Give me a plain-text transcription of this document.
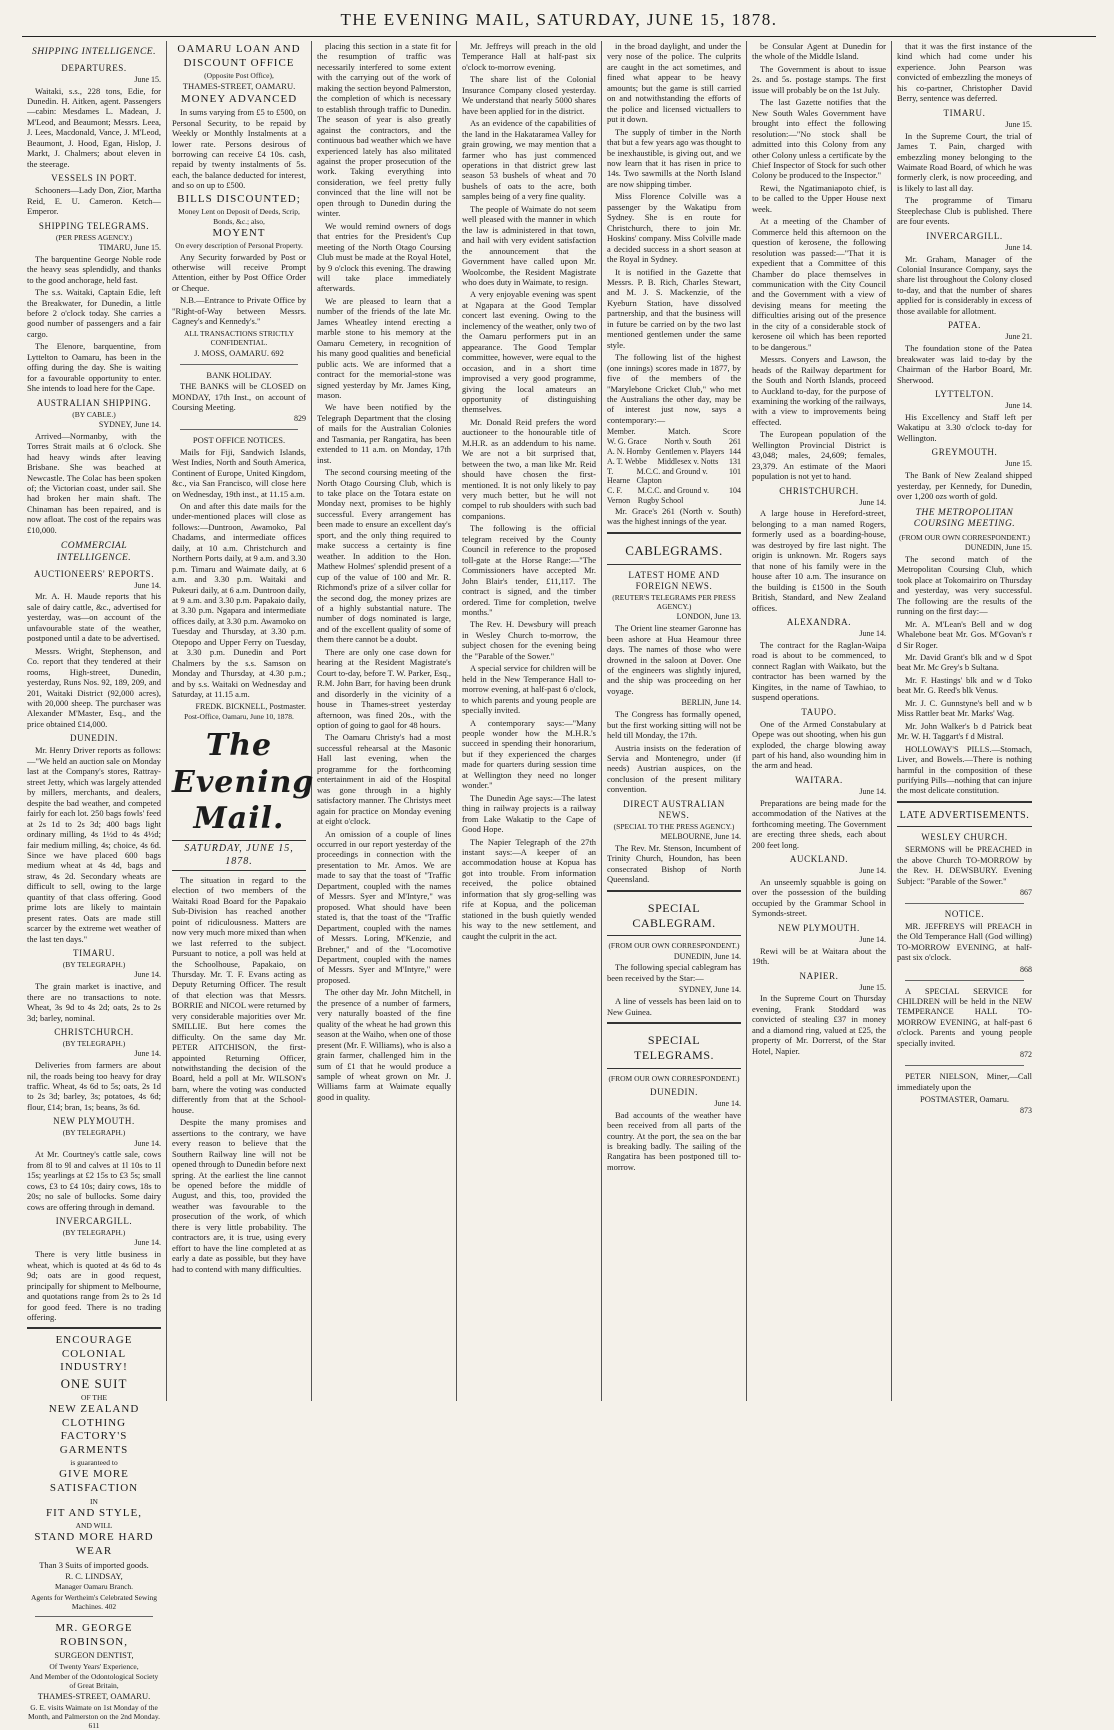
THE EVENING MAIL, SATURDAY, JUNE 15, 1878.
SHIPPING INTELLIGENCE.
DEPARTURES.
June 15.

Waitaki, s.s., 228 tons, Edie, for Dunedin. H. Aitken, agent. Passengers—cabin: Mesdames L. Madean, J. M'Leod, and Beaumont; Messrs. Leea, J. Lees, Macdonald, Vance, J. M'Leod, Beaumont, J. Hood, Egan, Hislop, J. Markt, J. Chalmers; about eleven in the steerage.

VESSELS IN PORT.

Schooners—Lady Don, Zior, Martha Reid, E. U. Cameron. Ketch—Emperor.

SHIPPING TELEGRAMS.
(PER PRESS AGENCY.)
TIMARU, June 15.

The barquentine George Noble rode the heavy seas splendidly, and thanks to the good anchorage, held fast.

The s.s. Waitaki, Captain Edie, left the Breakwater, for Dunedin, a little before 2 o'clock today. She carries a good number of passengers and a fair cargo.

The Elenore, barquentine, from Lyttelton to Oamaru, has been in the offing during the day. She is waiting for a favourable opportunity to enter. She intends to load here for the Cape.

AUSTRALIAN SHIPPING.
(BY CABLE.)
SYDNEY, June 14.

Arrived—Normanby, with the Torres Strait mails at 6 o'clock. She had heavy winds after leaving Brisbane. She was beached at Newcastle. The Colac has been spoken of; the Victorian coast, under sail. She had broken her main shaft. The Chinaman has been repaired, and is now afloat. The cost of the repairs was £10,000.

COMMERCIAL INTELLIGENCE.
AUCTIONEERS' REPORTS.
June 14.

Mr. A. H. Maude reports that his sale of dairy cattle, &c., advertised for yesterday, was—on account of the unfavourable state of the weather, postponed until a date to be advertised.

Messrs. Wright, Stephenson, and Co. report that they tendered at their rooms, High-street, Dunedin, yesterday, Runs Nos. 92, 189, 209, and 201, Waitaki District (92,000 acres), with 20,000 sheep. The purchaser was Alexander M'Master, Esq., and the price obtained £14,000.

DUNEDIN.

Mr. Henry Driver reports as follows:—"We held an auction sale on Monday last at the Company's stores, Rattray-street Jetty, which was largely attended by millers, merchants, and dealers, despite the bad weather, and competed fairly for each lot. 250 bags fowls' feed at 2s 1d to 2s 3d; 400 bags light ordinary milling, 4s 1½d to 4s 4½d; fair medium milling, 4s; choice, 4s 6d. Since we have placed 600 bags medium wheat at 4s 4d, bags and straw, 4s 2d. Secondary wheats are difficult to sell, owing to the large quantity of that class offering. Good prime lots are likely to maintain present rates. Oats are made still scarcer by the extreme wet weather of the last ten days."

TIMARU.
(BY TELEGRAPH.)
June 14.

The grain market is inactive, and there are no transactions to note. Wheat, 3s 9d to 4s 2d; oats, 2s to 2s 3d; barley, nominal.

CHRISTCHURCH.
(BY TELEGRAPH.)
June 14.

Deliveries from farmers are about nil, the roads being too heavy for dray traffic. Wheat, 4s 6d to 5s; oats, 2s 1d to 2s 3d; barley, 3s; potatoes, 4s 6d; flour, £14; bran, 1s; beans, 3s 6d.

NEW PLYMOUTH.
(BY TELEGRAPH.)
June 14.

At Mr. Courtney's cattle sale, cows from 8l to 9l and calves at 1l 10s to 1l 15s; yearlings at £2 15s to £3 5s; small cows, £3 to £4 10s; dairy cows, 18s to 20s; no sale of bullocks. Some dairy cows are offering through in demand.

INVERCARGILL.
(BY TELEGRAPH.)
June 14.

There is very little business in wheat, which is quoted at 4s 6d to 4s 9d; oats are in good request, principally for shipment to Melbourne, and quotations range from 2s to 2s 1d for good feed. There is no trading offering.

ENCOURAGE COLONIAL INDUSTRY!
ONE SUIT
OF THE
NEW ZEALAND CLOTHING FACTORY'S GARMENTS
is guaranteed to
GIVE MORE SATISFACTION
IN
FIT AND STYLE,
AND WILL
STAND MORE HARD WEAR
Than 3 Suits of imported goods.
R. C. LINDSAY,
Manager Oamaru Branch.
Agents for Wertheim's Celebrated Sewing Machines. 402
MR. GEORGE ROBINSON,
SURGEON DENTIST,
Of Twenty Years' Experience,
And Member of the Odontological Society of Great Britain,
THAMES-STREET, OAMARU.
G. E. visits Waimate on 1st Monday of the Month, and Palmerston on the 2nd Monday. 611
OAMARU LOAN AND DISCOUNT OFFICE
(Opposite Post Office),
THAMES-STREET, OAMARU.
MONEY ADVANCED

In sums varying from £5 to £500, on Personal Security, to be repaid by Weekly or Monthly Instalments at a lower rate. Persons desirous of borrowing can receive £4 10s. cash, repaid by twenty instalments of 5s. each, the balance deducted for interest, and so on up to £500.

BILLS DISCOUNTED;
Money Lent on Deposit of Deeds, Scrip, Bonds, &c.; also,
MOYENT
On every description of Personal Property.

Any Security forwarded by Post or otherwise will receive Prompt Attention, either by Post Office Order or Cheque.

N.B.—Entrance to Private Office by "Right-of-Way between Messrs. Cagney's and Kennedy's."

ALL TRANSACTIONS STRICTLY CONFIDENTIAL.
J. MOSS, OAMARU. 692
BANK HOLIDAY.

THE BANKS will be CLOSED on MONDAY, 17th Inst., on account of Coursing Meeting.

829
POST OFFICE NOTICES.

Mails for Fiji, Sandwich Islands, West Indies, North and South America, Continent of Europe, United Kingdom, &c., via San Francisco, will close here on Wednesday, 19th inst., at 11.15 a.m.

On and after this date mails for the under-mentioned places will close as follows:—Duntroon, Awamoko, Pal Chadams, and intermediate offices daily, at 10 a.m. Christchurch and Northern Ports daily, at 9 a.m. and 3.30 p.m. Timaru and Waimate daily, at 6 a.m. and 3.30 p.m. Waitaki and Pukeuri daily, at 6 a.m. Duntroon daily, at 9 a.m. and 3.30 p.m. Papakaio daily, at 3.30 p.m. Ngapara and intermediate offices daily, at 3.30 p.m. Awamoko on Tuesday and Thursday, at 3.30 p.m. Otepopo and Upper Ferry on Tuesday, at 3.30 p.m. Dunedin and Port Chalmers by the s.s. Samson on Monday and Thursday, at 4.30 p.m.; and by s.s. Waitaki on Wednesday and Saturday, at 11.15 a.m.

FREDK. BICKNELL, Postmaster.
Post-Office, Oamaru, June 10, 1878.
The Evening Mail.
SATURDAY, JUNE 15, 1878.

The situation in regard to the election of two members of the Waitaki Road Board for the Papakaio Sub-Division has reached another point of ridiculousness. Matters are now very much more mixed than when we last referred to the subject. Pursuant to notice, a poll was held at the Schoolhouse, Papakaio, on Thursday. Mr. T. F. Evans acting as Deputy Returning Officer. The result of that election was that Messrs. BORRIE and NICOL were returned by very considerable majorities over Mr. SMILLIE. But here comes the difficulty. On the same day Mr. PETER AITCHISON, the first-appointed Returning Officer, notwithstanding the decision of the Board, held a poll at Mr. WILSON's barn, where the voting was conducted differently from that at the School-house.

Despite the many promises and assertions to the contrary, we have every reason to believe that the Southern Railway line will not be opened through to Dunedin before next spring. At the earliest the line cannot be opened before the middle of August, and this, too, provided the weather was favourable to the prosecution of the work, of which there is very little probability. The contractors are, it is true, using every effort to have the line completed at as early a date as possible, but they have had to contend with many difficulties.

placing this section in a state fit for the resumption of traffic was necessarily interfered to some extent with the carrying out of the work of making the section beyond Palmerston, the completion of which is necessary to establish through traffic to Dunedin. The season of year is also greatly against the contractors, and the continuous bad weather which we have experienced lately has also militated against the proper prosecution of the work. Taking everything into consideration, we feel pretty fully convinced that the line will not be open through to Dunedin during the winter.

We would remind owners of dogs that entries for the President's Cup meeting of the North Otago Coursing Club must be made at the Royal Hotel, by 9 o'clock this evening. The drawing will take place immediately afterwards.

We are pleased to learn that a number of the friends of the late Mr. James Wheatley intend erecting a marble stone to his memory at the Oamaru Cemetery, in recognition of his many good qualities and beneficial public acts. We are informed that a contract for the memorial-stone was signed yesterday by Mr. James King, mason.

We have been notified by the Telegraph Department that the closing of mails for the Australian Colonies and Tasmania, per Rangatira, has been extended to 11 a.m. on Monday, 17th inst.

The second coursing meeting of the North Otago Coursing Club, which is to take place on the Totara estate on Monday next, promises to be highly successful. Every arrangement has been made to ensure an excellent day's sport, and the only thing required to make success a certainty is fine weather. In addition to the Hon. Mathew Holmes' splendid present of a cup of the value of 100 and Mr. R. Richmond's prize of a silver collar for the second dog, the money prizes are of a highly substantial nature. The number of dogs nominated is large, and of the excellent quality of some of them there cannot be a doubt.

There are only one case down for hearing at the Resident Magistrate's Court to-day, before T. W. Parker, Esq., R.M. John Barr, for having been drunk and disorderly in the vicinity of a house in Thames-street yesterday afternoon, was fined 20s., with the option of going to gaol for 48 hours.

The Oamaru Christy's had a most successful rehearsal at the Masonic Hall last evening, when the programme for the forthcoming entertainment in aid of the Hospital was gone through in a highly satisfactory manner. The Christys meet again for practice on Monday evening at eight o'clock.

An omission of a couple of lines occurred in our report yesterday of the proceedings in connection with the presentation to Mr. Amos. We are made to say that the toast of "Traffic Department, coupled with the names of Messrs. Syer and M'Intyre," was proposed. What should have been stated is, that the toast of the "Traffic Department, coupled with the names of Messrs. Loring, M'Kenzie, and Brebner," and of the "Locomotive Department, coupled with the names of Messrs. Syer and M'Intyre," were proposed.

The other day Mr. John Mitchell, in the presence of a number of farmers, very naturally boasted of the fine quality of the wheat he had grown this season at the Waiho, when one of those present (Mr. F. Williams), who is also a grain farmer, challenged him in the sum of £1 that he would produce a sample of wheat grown on Mr. J. Williams farm at Waimate equally good in quality.

Mr. Jeffreys will preach in the old Temperance Hall at half-past six o'clock to-morrow evening.

The share list of the Colonial Insurance Company closed yesterday. We understand that nearly 5000 shares have been applied for in the district.

As an evidence of the capabilities of the land in the Hakataramea Valley for grain growing, we may mention that a farmer who has just commenced operations in that district grew last season 53 bushels of wheat and 70 bushels of oats to the acre, both samples being of a very fine quality.

The people of Waimate do not seem well pleased with the manner in which the law is administered in that town, and hail with very evident satisfaction the announcement that the Government have called upon Mr. Woolcombe, the Resident Magistrate who does duty in Waimate, to resign.

A very enjoyable evening was spent at Ngapara at the Good Templar concert last evening. Owing to the inclemency of the weather, only two of the Oamaru performers put in an appearance. The Good Templar committee, however, were equal to the occasion, and in a short time improvised a very good programme, giving the local amateurs an opportunity of distinguishing themselves.

Mr. Donald Reid prefers the word auctioneer to the honourable title of M.H.R. as an addendum to his name. We are not a bit surprised that, between the two, a man like Mr. Reid should have chosen the first-mentioned. It is not only likely to pay very much better, but he will not compel to rub shoulders with such bad companions.

The following is the official telegram received by the County Council in reference to the proposed toll-gate at the Horse Range:—"The Commissioners have accepted Mr. John Blair's tender, £11,117. The contract is signed, and the timber ordered. Time for completion, twelve months."

The Rev. H. Dewsbury will preach in Wesley Church to-morrow, the subject chosen for the evening being the "Parable of the Sower."

A special service for children will be held in the New Temperance Hall to-morrow evening, at half-past 6 o'clock, to which parents and young people are specially invited.

A contemporary says:—"Many people wonder how the M.H.R.'s succeed in spending their honorarium, but if they experienced the charges made for quarters during session time at Wellington they need no longer wonder."

The Dunedin Age says:—The latest thing in railway projects is a railway from Lake Wakatip to the Cape of Good Hope.

The Napier Telegraph of the 27th instant says:—A keeper of an accommodation house at Kopua has got into trouble. From information received, the police obtained information that sly grog-selling was rife at Kopua, and the policeman stationed in the bush quietly wended his way to the new settlement, and caught the culprit in the act.

in the broad daylight, and under the very nose of the police. The culprits are caught in the act sometimes, and fined what appear to be heavy amounts; but the game is still carried on and notwithstanding the efforts of the police and licensed victuallers to put it down.

The supply of timber in the North that but a few years ago was thought to be inexhaustible, is giving out, and we now learn that it has risen in price to 14s. Two sawmills at the North Island are now shipping timber.

Miss Florence Colville was a passenger by the Wakatipu from Sydney. She is en route for Christchurch, there to join Mr. Hoskins' company. Miss Colville made a decided success in a short season at the Royal in Sydney.

It is notified in the Gazette that Messrs. P. B. Rich, Charles Stewart, and M. J. S. Mackenzie, of the Kyeburn Station, have dissolved partnership, and that the business will in future be carried on by the two last mentioned gentlemen under the same style.

The following list of the highest (one innings) scores made in 1877, by five of the members of the "Marylebone Cricket Club," who met the Australians the other day, may be of interest just now, says a contemporary:—

Member.	Match.	Score
W. G. Grace North v. South 261
A. N. Hornby Gentlemen v. Players 144
A. T. Webbe Middlesex v. Notts 131
T. Hearne
M.C.C. and Ground v. Clapton
101
C. F. Vernon
M.C.C. and Ground v. Rugby School
104

Mr. Grace's 261 (North v. South) was the highest innings of the year.

CABLEGRAMS.
LATEST HOME AND FOREIGN NEWS.
(REUTER'S TELEGRAMS PER PRESS AGENCY.)
LONDON, June 13.

The Orient line steamer Garonne has been ashore at Hua Heamour three days. The names of those who were drowned in the saloon at Dover. One of the engineers was slightly injured, and the ship was proceeding on her voyage.

BERLIN, June 14.

The Congress has formally opened, but the first working sitting will not be held till Monday, the 17th.

Austria insists on the federation of Servia and Montenegro, under (if needs) Austrian auspices, on the conclusion of the present military convention.

DIRECT AUSTRALIAN NEWS.
(SPECIAL TO THE PRESS AGENCY.)
MELBOURNE, June 14.

The Rev. Mr. Stenson, Incumbent of Trinity Church, Houndon, has been consecrated Bishop of North Queensland.

SPECIAL CABLEGRAM.
(FROM OUR OWN CORRESPONDENT.)
DUNEDIN, June 14.

The following special cablegram has been received by the Star:—

SYDNEY, June 14.

A line of vessels has been laid on to New Guinea.

SPECIAL TELEGRAMS.
(FROM OUR OWN CORRESPONDENT.)
DUNEDIN.
June 14.

Bad accounts of the weather have been received from all parts of the country. At the port, the sea on the bar is breaking badly. The sailing of the Rangatira has been postponed till to-morrow.

be Consular Agent at Dunedin for the whole of the Middle Island.

The Government is about to issue 2s. and 5s. postage stamps. The first issue will probably be on the 1st July.

The last Gazette notifies that the New South Wales Government have brought into effect the following resolution:—"No stock shall be admitted into this Colony from any other Colony unless a certificate by the Chief Inspector of Stock for such other Colony be produced to the Inspector."

Rewi, the Ngatimaniapoto chief, is to be called to the Upper House next week.

At a meeting of the Chamber of Commerce held this afternoon on the question of kerosene, the following resolution was passed:—"That it is expedient that a Committee of this Chamber do place themselves in communication with the City Council and the Government with a view of devising means for meeting the difficulties arising out of the presence in the city of a considerable stock of kerosene oil which has been reported to be dangerous."

Messrs. Conyers and Lawson, the heads of the Railway department for the South and North Islands, proceed to Auckland to-day, for the purpose of examining the working of the railways, with a view to improvements being effected.

The European population of the Wellington Provincial District is 43,048; males, 24,609; females, 23,379. An estimate of the Maori population is not yet to hand.

CHRISTCHURCH.
June 14.

A large house in Hereford-street, belonging to a man named Rogers, formerly used as a boarding-house, was destroyed by fire last night. The origin is unknown. Mr. Rogers says that none of his family were in the house after 10 a.m. The insurance on the building is £1500 in the South British, Standard, and New Zealand offices.

ALEXANDRA.
June 14.

The contract for the Raglan-Waipa road is about to be commenced, to connect Raglan with Waikato, but the contractor has been warned by the Kingites, in the name of Tawhiao, to suspend operations.

TAUPO.

One of the Armed Constabulary at Opepe was out shooting, when his gun exploded, the charge blowing away part of his hand, also wounding him in the arm and head.

WAITARA.
June 14.

Preparations are being made for the accommodation of the Natives at the forthcoming meeting. The Government are erecting three sheds, each about 200 feet long.

AUCKLAND.
June 14.

An unseemly squabble is going on over the possession of the building occupied by the Grammar School in Symonds-street.

NEW PLYMOUTH.
June 14.

Rewi will be at Waitara about the 19th.

NAPIER.
June 15.

In the Supreme Court on Thursday evening, Frank Stoddard was convicted of stealing £37 in money and a diamond ring, valued at £25, the property of Mr. Dorrerst, of the Star Hotel, Napier.

that it was the first instance of the kind which had come under his experience. John Pearson was convicted of embezzling the moneys of his co-partner, Christopher David Berry, sentence was deferred.

TIMARU.
June 15.

In the Supreme Court, the trial of James T. Pain, charged with embezzling money belonging to the Waimate Road Board, of which he was formerly clerk, is now proceeding, and is likely to last all day.

The programme of Timaru Steeplechase Club is published. There are four events.

INVERCARGILL.
June 14.

Mr. Graham, Manager of the Colonial Insurance Company, says the share list throughout the Colony closed to-day, and that the number of shares applied for is considerably in excess of those available for allotment.

PATEA.
June 21.

The foundation stone of the Patea breakwater was laid to-day by the Chairman of the Harbor Board, Mr. Sherwood.

LYTTELTON.
June 14.

His Excellency and Staff left per Wakatipu at 3.30 o'clock to-day for Wellington.

GREYMOUTH.
June 15.

The Bank of New Zealand shipped yesterday, per Kennedy, for Dunedin, over 1,200 ozs worth of gold.

THE METROPOLITAN COURSING MEETING.
(FROM OUR OWN CORRESPONDENT.)
DUNEDIN, June 15.

The second match of the Metropolitan Coursing Club, which took place at Tokomairiro on Thursday and yesterday, was very successful. The following are the results of the running on the first day:—

Mr. A. M'Lean's Bell and w dog Whalebone beat Mr. Gos. M'Govan's r d Sir Roger.

Mr. David Grant's blk and w d Spot beat Mr. Mc Grey's b Sultana.

Mr. F. Hastings' blk and w d Toko beat Mr. G. Reed's blk Venus.

Mr. J. C. Gunnstyne's bell and w b Miss Rattler beat Mr. Marks' Wag.

Mr. John Walker's b d Patrick beat Mr. W. H. Taggart's f d Mistral.

HOLLOWAY'S PILLS.—Stomach, Liver, and Bowels.—There is nothing harmful in the composition of these purifying Pills—nothing that can injure the most delicate constitution.

LATE ADVERTISEMENTS.
WESLEY CHURCH.

SERMONS will be PREACHED in the above Church TO-MORROW by the Rev. H. DEWSBURY. Evening Subject: "Parable of the Sower."

867
NOTICE.

MR. JEFFREYS will PREACH in the Old Temperance Hall (God willing) TO-MORROW EVENING, at half-past six o'clock.

868

A SPECIAL SERVICE for CHILDREN will be held in the NEW TEMPERANCE HALL TO-MORROW EVENING, at half-past 6 o'clock. Parents and young people specially invited.

872

PETER NIELSON, Miner,—Call immediately upon the

POSTMASTER, Oamaru.
873
